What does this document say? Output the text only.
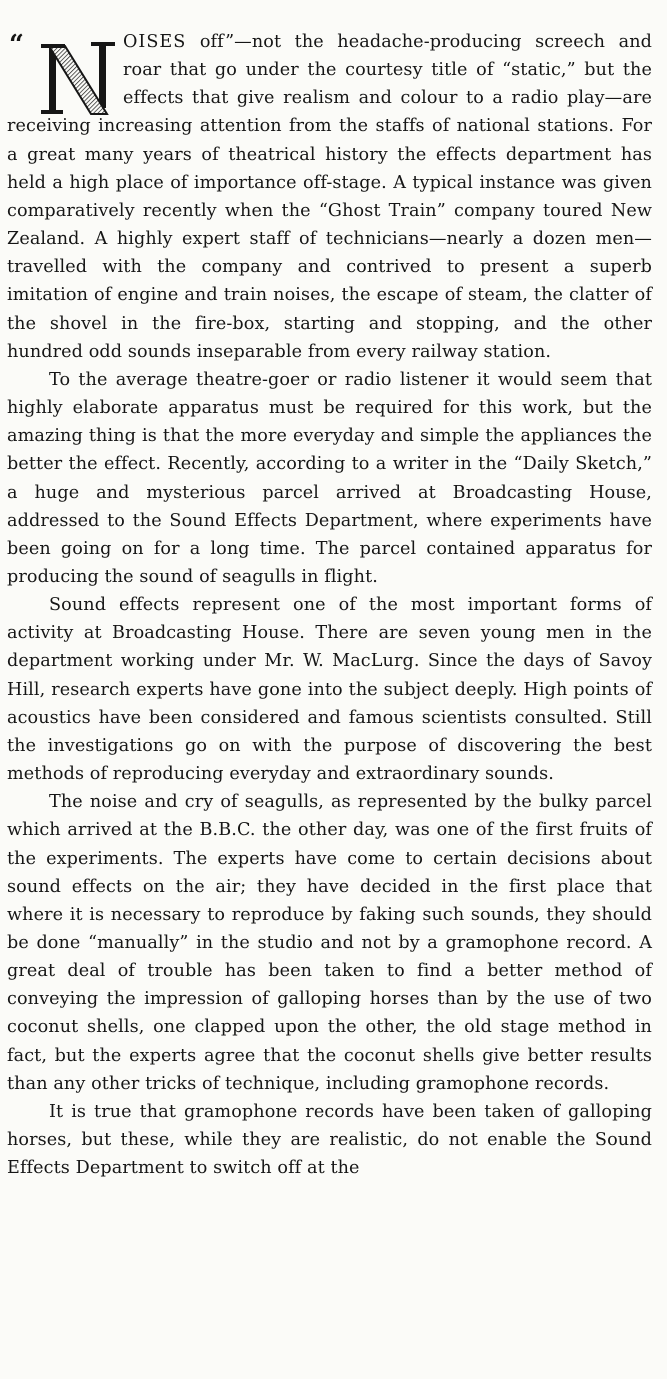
“	N	OISES off”—not the headache-producing screech and roar that go under the courtesy title of “static,” but the effects that give realism and colour to a radio play—are receiving increasing attention from the staffs of national stations. For a great many years of theatrical history the effects department has held a high place of importance off-stage. A typical instance was given comparatively recently when the “Ghost Train” company toured New Zealand. A highly expert staff of technicians—nearly a dozen men—travelled with the company and contrived to present a superb imitation of engine and train noises, the escape of steam, the clatter of the shovel in the fire-box, starting and stopping, and the other hundred odd sounds inseparable from every railway station.

To the average theatre-goer or radio listener it would seem that highly elaborate apparatus must be required for this work, but the amazing thing is that the more everyday and simple the appliances the better the effect. Recently, according to a writer in the “Daily Sketch,” a huge and mysterious parcel arrived at Broadcasting House, addressed to the Sound Effects Department, where experiments have been going on for a long time. The parcel contained apparatus for producing the sound of seagulls in flight.

Sound effects represent one of the most important forms of activity at Broadcasting House. There are seven young men in the department working under Mr. W. MacLurg. Since the days of Savoy Hill, research experts have gone into the subject deeply. High points of acoustics have been considered and famous scientists consulted. Still the investigations go on with the purpose of discovering the best methods of reproducing everyday and extraordinary sounds.

The noise and cry of seagulls, as represented by the bulky parcel which arrived at the B.B.C. the other day, was one of the first fruits of the experiments. The experts have come to certain decisions about sound effects on the air; they have decided in the first place that where it is necessary to reproduce by faking such sounds, they should be done “manually” in the studio and not by a gramophone record. A great deal of trouble has been taken to find a better method of conveying the impression of galloping horses than by the use of two coconut shells, one clapped upon the other, the old stage method in fact, but the experts agree that the coconut shells give better results than any other tricks of technique, including gramophone records.

It is true that gramophone records have been taken of galloping horses, but these, while they are realistic, do not enable the Sound Effects Department to switch off at the
